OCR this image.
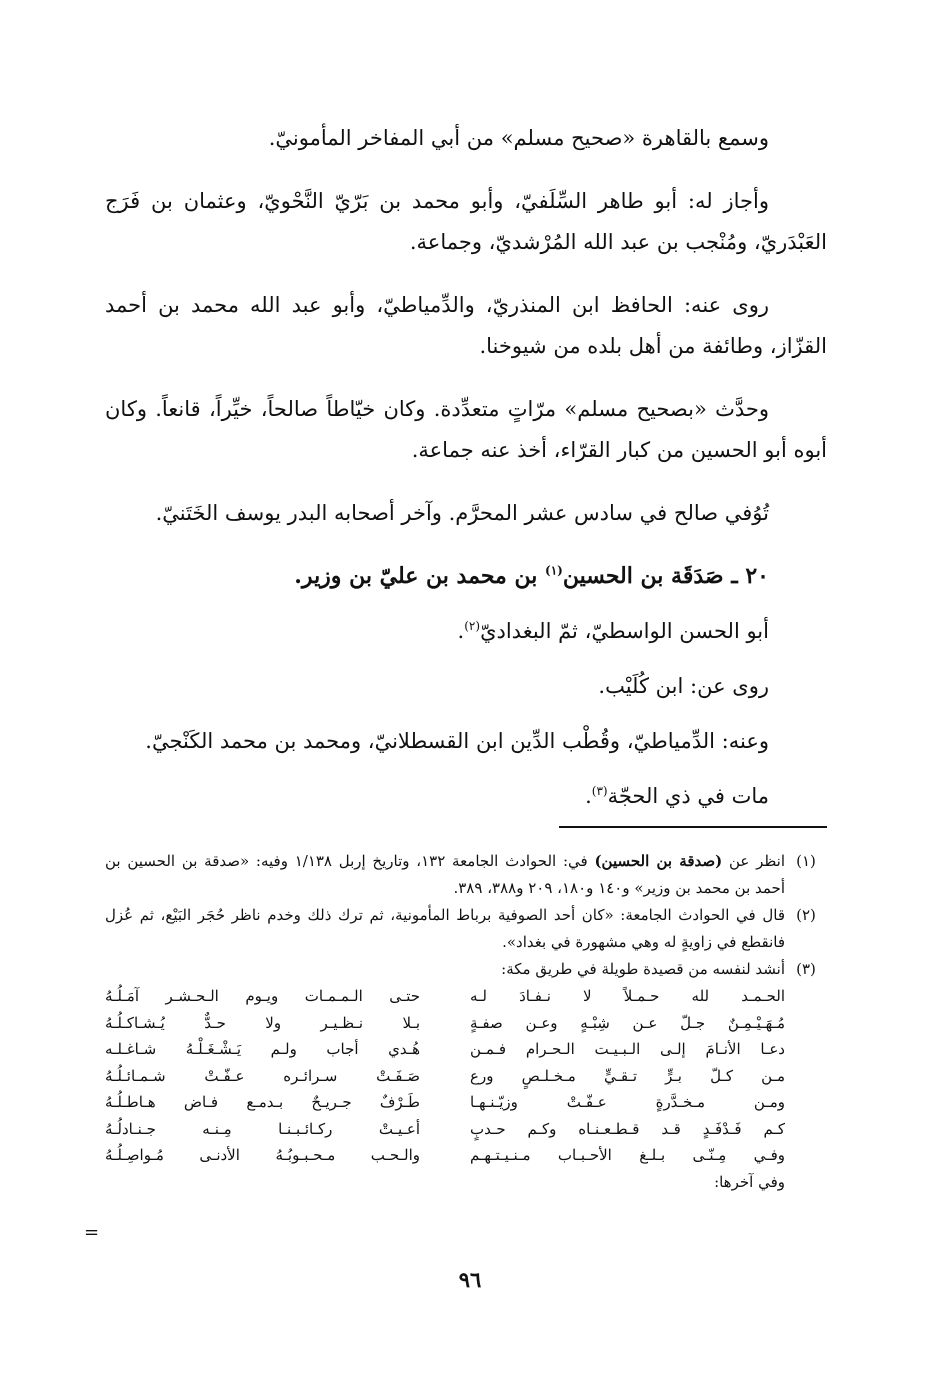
وسمع بالقاهرة «صحيح مسلم» من أبي المفاخر المأمونيّ.

وأجاز له: أبو طاهر السِّلَفيّ، وأبو محمد بن بَرّيّ النَّحْويّ، وعثمان بن فَرَج العَبْدَريّ، ومُنْجب بن عبد الله المُرْشديّ، وجماعة.

روى عنه: الحافظ ابن المنذريّ، والدِّمياطيّ، وأبو عبد الله محمد بن أحمد القزّاز، وطائفة من أهل بلده من شيوخنا.

وحدَّث «بصحيح مسلم» مرّاتٍ متعدِّدة. وكان خيّاطاً صالحاً، خيِّراً، قانعاً. وكان أبوه أبو الحسين من كبار القرّاء، أخذ عنه جماعة.

تُوُفي صالح في سادس عشر المحرَّم. وآخر أصحابه البدر يوسف الخَتَنيّ.

٢٠ ـ صَدَقَة بن الحسين$^{(١)}$ بن محمد بن عليّ بن وزير.

أبو الحسن الواسطيّ، ثمّ البغداديّ$^{(٢)}$.

روى عن: ابن كُلَيْب.

وعنه: الدِّمياطيّ، وقُطْب الدِّين ابن القسطلانيّ، ومحمد بن محمد الكَنْجيّ.

مات في ذي الحجّة$^{(٣)}$.

(١)
انظر عن (صدقة بن الحسين) في: الحوادث الجامعة ١٣٢، وتاريخ إربل ١/١٣٨ وفيه: «صدقة بن الحسين بن أحمد بن محمد بن وزير» و١٤٠ و١٨٠، ٢٠٩ و٣٨٨، ٣٨٩.
(٢)
قال في الحوادث الجامعة: «كان أحد الصوفية برباط المأمونية، ثم ترك ذلك وخدم ناظر حُجَر البَيْع، ثم عُزل فانقطع في زاويةٍ له وهي مشهورة في بغداد».
(٣)
أنشد لنفسه من قصيدة طويلة في طريق مكة:
الحـمـد لله حـمـلاً لا نـفـادَ لـه
حتـى الـمـمـات ويـوم الـحـشـر آمَـلُـهُ
مُـهَـيْـمِـنٌ جـلّ عـن شِبْـهٍ وعـن صفـةٍ
بـلا نـظـيـر ولا حـدٌّ يُـشـاكـلُـهُ
دعـا الأنـامَ إلـى الـبـيـت الـحـرام فـمـن
هُـدي أجاب ولـم يَـشْـغَـلْـهُ شـاغـلـه
مـن كـلّ بـرٍّ تـقـيٍّ مـخـلـصٍ ورع
صَـفَـتْ سـرائـره عـفّـتْ شـمـائـلُـهُ
ومـن مـخـدَّرةٍ عـفّـتْ وزيّـنـهـا
طَـرْفٌ جـريـحٌ بـدمـع فـاض هـاطـلُـهُ
كـم فَـدْفَـدٍ قـد قـطـعـنـاه وكـم حـدبٍ
أعـيـتْ ركـائـبـنـا مِـنـه جـنـادلُـهُ
وفـي مِـنّـى بـلـغ الأحـبـاب مـنـيـتـهـم
والـحـب مـحـبـوبُـهُ الأدنـى مُـواصِـلُـهُ
وفي آخرها:
=
٩٦
